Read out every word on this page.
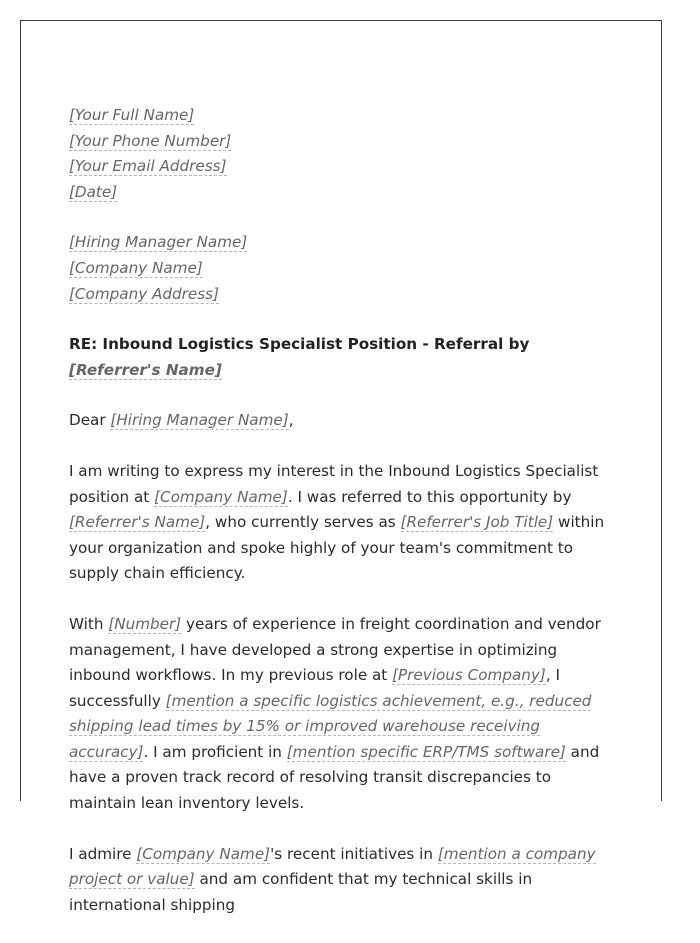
[Your Full Name]
[Your Phone Number]
[Your Email Address]
[Date]
[Hiring Manager Name]
[Company Name]
[Company Address]

RE: Inbound Logistics Specialist Position - Referral by [Referrer's Name]

Dear [Hiring Manager Name],

I am writing to express my interest in the Inbound Logistics Specialist position at [Company Name]. I was referred to this opportunity by [Referrer's Name], who currently serves as [Referrer's Job Title] within your organization and spoke highly of your team's commitment to supply chain efficiency.

With [Number] years of experience in freight coordination and vendor management, I have developed a strong expertise in optimizing inbound workflows. In my previous role at [Previous Company], I successfully [mention a specific logistics achievement, e.g., reduced shipping lead times by 15% or improved warehouse receiving accuracy]. I am proficient in [mention specific ERP/TMS software] and have a proven track record of resolving transit discrepancies to maintain lean inventory levels.

I admire [Company Name]'s recent initiatives in [mention a company project or value] and am confident that my technical skills in international shipping
